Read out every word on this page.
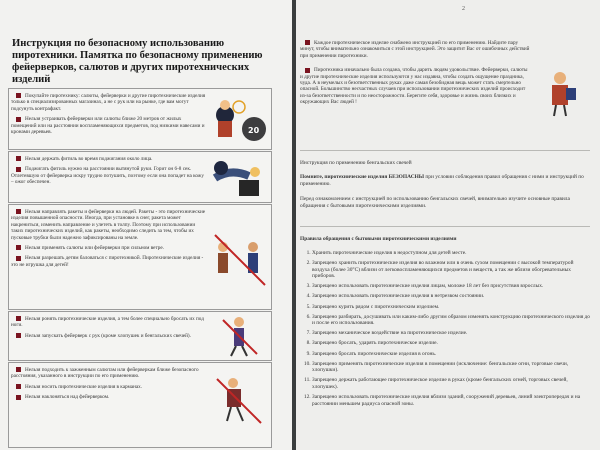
Инструкция по безопасному использованию пиротехники. Памятка по безопасному применению фейерверков, салютов и других пиротехнических изделий

Покупайте пиротехнику: салюты, фейерверки и другие пиротехнические изделия только в специализированных магазинах, а не с рук или на рынке, где вам могут подсунуть контрафакт.

Нельзя устраивать фейерверки или салюты ближе 20 метров от жилых помещений или на расстоянии воспламеняющихся предметов, под низкими навесами и кронами деревьев.	20

Нельзя держать фитиль во время поджигания около лица.

Поджигать фитиль нужно на расстоянии вытянутой руки. Горит он 6-8 сек. Отлетевшую от фейерверка искру трудно потушить, поэтому если она попадет на кожу – ожог обеспечен.

Нельзя направлять ракеты и фейерверки на людей. Ракеты - это пиротехнические изделия повышенной опасности. Иногда, при установке в снег, ракета может накрениться, изменить направление и улететь в толпу. Поэтому при использовании таких пиротехнических изделий, как ракеты, необходимо следить за тем, чтобы их пусковые трубки были надежно зафиксированы на земле.

Нельзя применять салюты или фейерверки при сильном ветре.

Нельзя разрешать детям баловаться с пиротехникой. Пиротехнические изделия - это не игрушка для детей!

Нельзя ронять пиротехнические изделия, а тем более специально бросать их под ноги.

Нельзя запускать фейерверк с рук (кроме хлопушек и бенгальских свечей).

Нельзя подходить к зажженным салютам или фейерверкам ближе безопасного расстояния, указанного в инструкции по его применению.

Нельзя носить пиротехнические изделия в карманах.

Нельзя наклоняться над фейерверком.

2

Каждое пиротехническое изделие снабжено инструкцией по его применению. Найдите пару минут, чтобы внимательно ознакомиться с этой инструкцией. Это защитит Вас от ошибочных действий при применении пиротехники.

Пиротехника изначально была создана, чтобы дарить людям удовольствие. Фейерверки, салюты и другие пиротехнические изделия используются у нас издавна, чтобы создать ощущение праздника, чуда. А в неумелых и безответственных руках даже самая безобидная вещь может стать смертельно опасной. Большинство несчастных случаев при использовании пиротехнических изделий происходит из-за безответственности и по неосторожности. Берегите себя, здоровье и жизнь своих близких и окружающих Вас людей !

Инструкция по применению бенгальских свечей
Помните, пиротехнические изделия БЕЗОПАСНЫ при условии соблюдения правил обращения с ними и инструкций по применению.
Перед ознакомлением с инструкцией по использованию бенгальских свечей, внимательно изучите основные правила обращения с бытовыми пиротехническими изделиями.
Правила обращения с бытовыми пиротехническими изделиями
1. Хранить пиротехнические изделия в недоступном для детей месте.
2. Запрещено хранить пиротехнические изделия во влажном или в очень сухом помещении с высокой температурой воздуха (более 30°С) вблизи от легковоспламеняющихся предметов и веществ, а так же вблизи обогревательных приборов.
3. Запрещено использовать пиротехнические изделия лицам, моложе 18 лет без присутствия взрослых.
4. Запрещено использовать пиротехнические изделия в нетрезвом состоянии.
5. Запрещено курить рядом с пиротехническим изделием.
6. Запрещено разбирать, досушивать или каким-либо другим образом изменять конструкцию пиротехнического изделия до и после его использования.
7. Запрещено механическое воздействие на пиротехническое изделие.
8. Запрещено бросать, ударять пиротехническое изделие.
9. Запрещено бросать пиротехнические изделия в огонь.
10. Запрещено применять пиротехнические изделия в помещении (исключение: бенгальские огни, торговые свечи, хлопушки).
11. Запрещено держать работающее пиротехническое изделие в руках (кроме бенгальских огней, торговых свечей, хлопушек).
12. Запрещено использовать пиротехнические изделия вблизи зданий, сооружений деревьев, линий электропередач и на расстоянии меньшем радиуса опасной зоны.
